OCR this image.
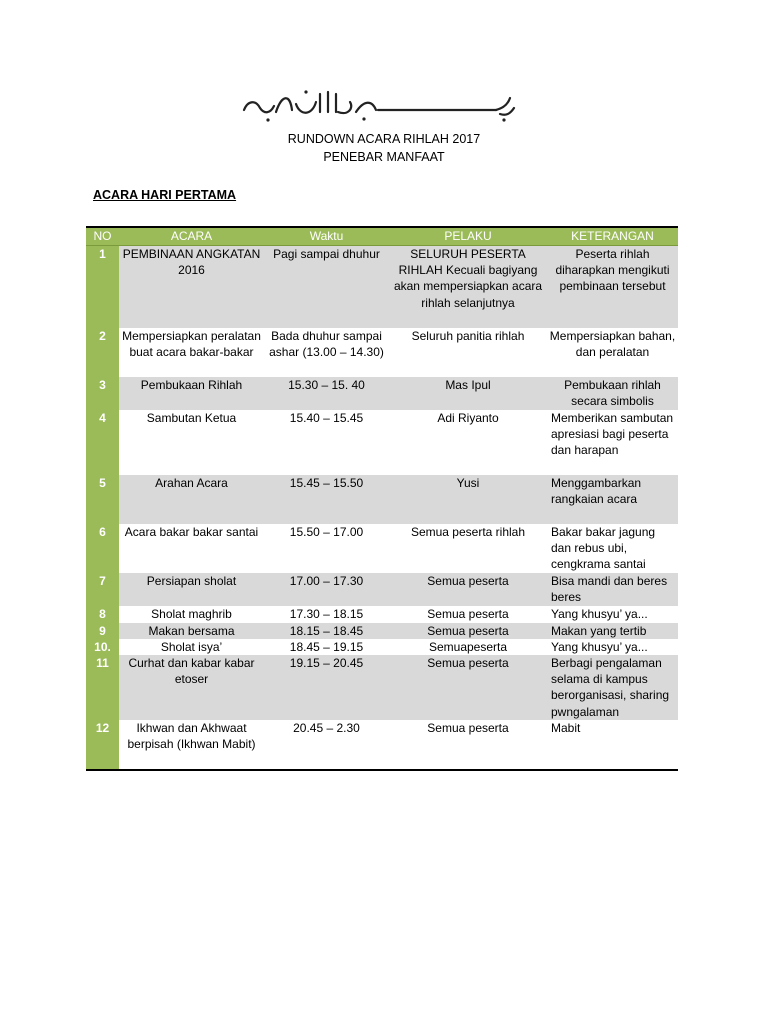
RUNDOWN ACARA RIHLAH 2017
PENEBAR MANFAAT
ACARA HARI PERTAMA
NO	ACARA	Waktu	PELAKU	KETERANGAN
1	PEMBINAAN ANGKATAN 2016	Pagi sampai dhuhur	SELURUH PESERTA RIHLAH Kecuali bagiyang akan mempersiapkan acara rihlah selanjutnya	Peserta rihlah diharapkan mengikuti pembinaan tersebut
2	Mempersiapkan peralatan buat acara bakar-bakar	Bada dhuhur sampai ashar (13.00 – 14.30)	Seluruh panitia rihlah	Mempersiapkan bahan, dan peralatan
3	Pembukaan Rihlah	15.30 – 15. 40	Mas Ipul	Pembukaan rihlah secara simbolis
4	Sambutan Ketua	15.40 – 15.45	Adi Riyanto	Memberikan sambutan apresiasi bagi peserta dan harapan
5	Arahan Acara	15.45 – 15.50	Yusi	Menggambarkan rangkaian acara
6	Acara bakar bakar santai	15.50 – 17.00	Semua peserta rihlah	Bakar bakar jagung dan rebus ubi, cengkrama santai
7	Persiapan sholat	17.00 – 17.30	Semua peserta	Bisa mandi dan beres beres
8	Sholat maghrib	17.30 – 18.15	Semua peserta	Yang khusyu’ ya...
9	Makan bersama	18.15 – 18.45	Semua peserta	Makan yang tertib
10.	Sholat isya’	18.45 – 19.15	Semuapeserta	Yang khusyu’ ya...
11	Curhat dan kabar kabar etoser	19.15 – 20.45	Semua peserta	Berbagi pengalaman selama di kampus berorganisasi, sharing pwngalaman
12	Ikhwan dan Akhwaat berpisah (Ikhwan Mabit)	20.45 – 2.30	Semua peserta	Mabit
